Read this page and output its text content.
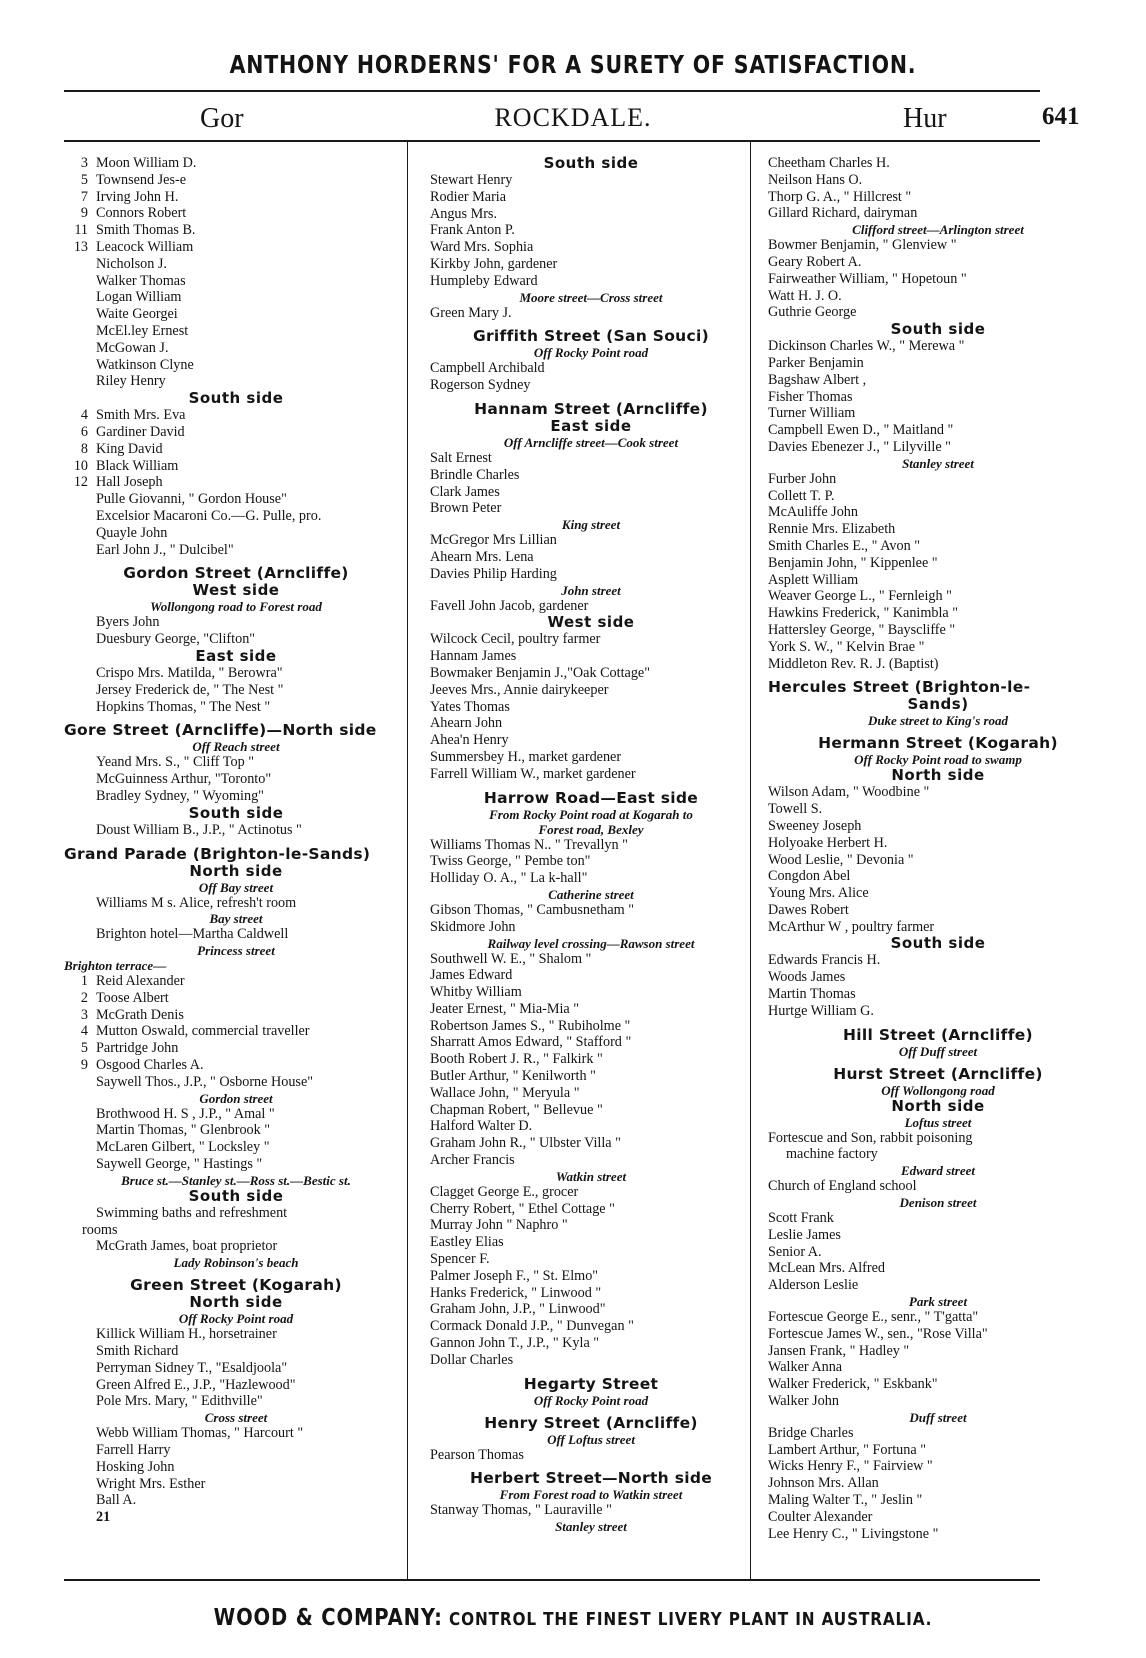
ANTHONY HORDERNS' FOR A SURETY OF SATISFACTION.
Gor	ROCKDALE.	Hur	641
3 Moon William D.
5 Townsend Jes-e
7 Irving John H.
9 Connors Robert
11 Smith Thomas B.
13 Leacock William
Nicholson J.
Walker Thomas
Logan William
Waite Georgei
McEl.ley Ernest
McGowan J.
Watkinson Clyne
Riley Henry
South side
4 Smith Mrs. Eva
6 Gardiner David
8 King David
10 Black William
12 Hall Joseph
Pulle Giovanni, " Gordon House"
Excelsior Macaroni Co.—G. Pulle, pro.
Quayle John
Earl John J., " Dulcibel"
Gordon Street (Arncliffe)
West side
Wollongong road to Forest road
Byers John
Duesbury George, "Clifton"
East side
Crispo Mrs. Matilda, " Berowra"
Jersey Frederick de, " The Nest "
Hopkins Thomas, " The Nest "
Gore Street (Arncliffe)—North side
Off Reach street
Yeand Mrs. S., " Cliff Top "
McGuinness Arthur, "Toronto"
Bradley Sydney, " Wyoming"
South side
Doust William B., J.P., " Actinotus "
Grand Parade (Brighton-le-Sands)
North side
Off Bay street
Williams M s. Alice, refresh't room
Bay street
Brighton hotel—Martha Caldwell
Princess street
Brighton terrace—
1 Reid Alexander
2 Toose Albert
3 McGrath Denis
4 Mutton Oswald, commercial traveller
5 Partridge John
9 Osgood Charles A.
Saywell Thos., J.P., " Osborne House"
Gordon street
Brothwood H. S , J.P., " Amal "
Martin Thomas, " Glenbrook "
McLaren Gilbert, " Locksley "
Saywell George, " Hastings "
Bruce st.—Stanley st.—Ross st.—Bestic st.
South side
Swimming baths and refreshment
rooms
McGrath James, boat proprietor
Lady Robinson's beach
Green Street (Kogarah)
North side
Off Rocky Point road
Killick William H., horsetrainer
Smith Richard
Perryman Sidney T., "Esaldjoola"
Green Alfred E., J.P., "Hazlewood"
Pole Mrs. Mary, " Edithville"
Cross street
Webb William Thomas, " Harcourt "
Farrell Harry
Hosking John
Wright Mrs. Esther
Ball A.
21
South side
Stewart Henry
Rodier Maria
Angus Mrs.
Frank Anton P.
Ward Mrs. Sophia
Kirkby John, gardener
Humpleby Edward
Moore street—Cross street
Green Mary J.
Griffith Street (San Souci)
Off Rocky Point road
Campbell Archibald
Rogerson Sydney
Hannam Street (Arncliffe)
East side
Off Arncliffe street—Cook street
Salt Ernest
Brindle Charles
Clark James
Brown Peter
King street
McGregor Mrs Lillian
Ahearn Mrs. Lena
Davies Philip Harding
John street
Favell John Jacob, gardener
West side
Wilcock Cecil, poultry farmer
Hannam James
Bowmaker Benjamin J.,"Oak Cottage"
Jeeves Mrs., Annie dairykeeper
Yates Thomas
Ahearn John
Ahea'n Henry
Summersbey H., market gardener
Farrell William W., market gardener
Harrow Road—East side
From Rocky Point road at Kogarah to
Forest road, Bexley
Williams Thomas N.. " Trevallyn "
Twiss George, " Pembe ton"
Holliday O. A., " La k-hall"
Catherine street
Gibson Thomas, " Cambusnetham "
Skidmore John
Railway level crossing—Rawson street
Southwell W. E., " Shalom "
James Edward
Whitby William
Jeater Ernest, " Mia-Mia "
Robertson James S., " Rubiholme "
Sharratt Amos Edward, " Stafford "
Booth Robert J. R., " Falkirk "
Butler Arthur, " Kenilworth "
Wallace John, " Meryula "
Chapman Robert, " Bellevue "
Halford Walter D.
Graham John R., " Ulbster Villa "
Archer Francis
Watkin street
Clagget George E., grocer
Cherry Robert, " Ethel Cottage "
Murray John " Naphro "
Eastley Elias
Spencer F.
Palmer Joseph F., " St. Elmo"
Hanks Frederick, " Linwood "
Graham John, J.P., " Linwood"
Cormack Donald J.P., " Dunvegan "
Gannon John T., J.P., " Kyla "
Dollar Charles
Hegarty Street
Off Rocky Point road
Henry Street (Arncliffe)
Off Loftus street
Pearson Thomas
Herbert Street—North side
From Forest road to Watkin street
Stanway Thomas, " Lauraville "
Stanley street
Cheetham Charles H.
Neilson Hans O.
Thorp G. A., " Hillcrest "
Gillard Richard, dairyman
Clifford street—Arlington street
Bowmer Benjamin, " Glenview "
Geary Robert A.
Fairweather William, " Hopetoun "
Watt H. J. O.
Guthrie George
South side
Dickinson Charles W., " Merewa "
Parker Benjamin
Bagshaw Albert ,
Fisher Thomas
Turner William
Campbell Ewen D., " Maitland "
Davies Ebenezer J., " Lilyville "
Stanley street
Furber John
Collett T. P.
McAuliffe John
Rennie Mrs. Elizabeth
Smith Charles E., " Avon "
Benjamin John, " Kippenlee "
Asplett William
Weaver George L., " Fernleigh "
Hawkins Frederick, " Kanimbla "
Hattersley George, " Bayscliffe "
York S. W., " Kelvin Brae "
Middleton Rev. R. J. (Baptist)
Hercules Street (Brighton-le-
Sands)
Duke street to King's road
Hermann Street (Kogarah)
Off Rocky Point road to swamp
North side
Wilson Adam, " Woodbine "
Towell S.
Sweeney Joseph
Holyoake Herbert H.
Wood Leslie, " Devonia "
Congdon Abel
Young Mrs. Alice
Dawes Robert
McArthur W , poultry farmer
South side
Edwards Francis H.
Woods James
Martin Thomas
Hurtge William G.
Hill Street (Arncliffe)
Off Duff street
Hurst Street (Arncliffe)
Off Wollongong road
North side
Loftus street
Fortescue and Son, rabbit poisoning
machine factory
Edward street
Church of England school
Denison street
Scott Frank
Leslie James
Senior A.
McLean Mrs. Alfred
Alderson Leslie
Park street
Fortescue George E., senr., " T'gatta"
Fortescue James W., sen., "Rose Villa"
Jansen Frank, " Hadley "
Walker Anna
Walker Frederick, " Eskbank"
Walker John
Duff street
Bridge Charles
Lambert Arthur, " Fortuna "
Wicks Henry F., " Fairview "
Johnson Mrs. Allan
Maling Walter T., " Jeslin "
Coulter Alexander
Lee Henry C., " Livingstone "
WOOD & COMPANY: CONTROL THE FINEST LIVERY PLANT IN AUSTRALIA.
